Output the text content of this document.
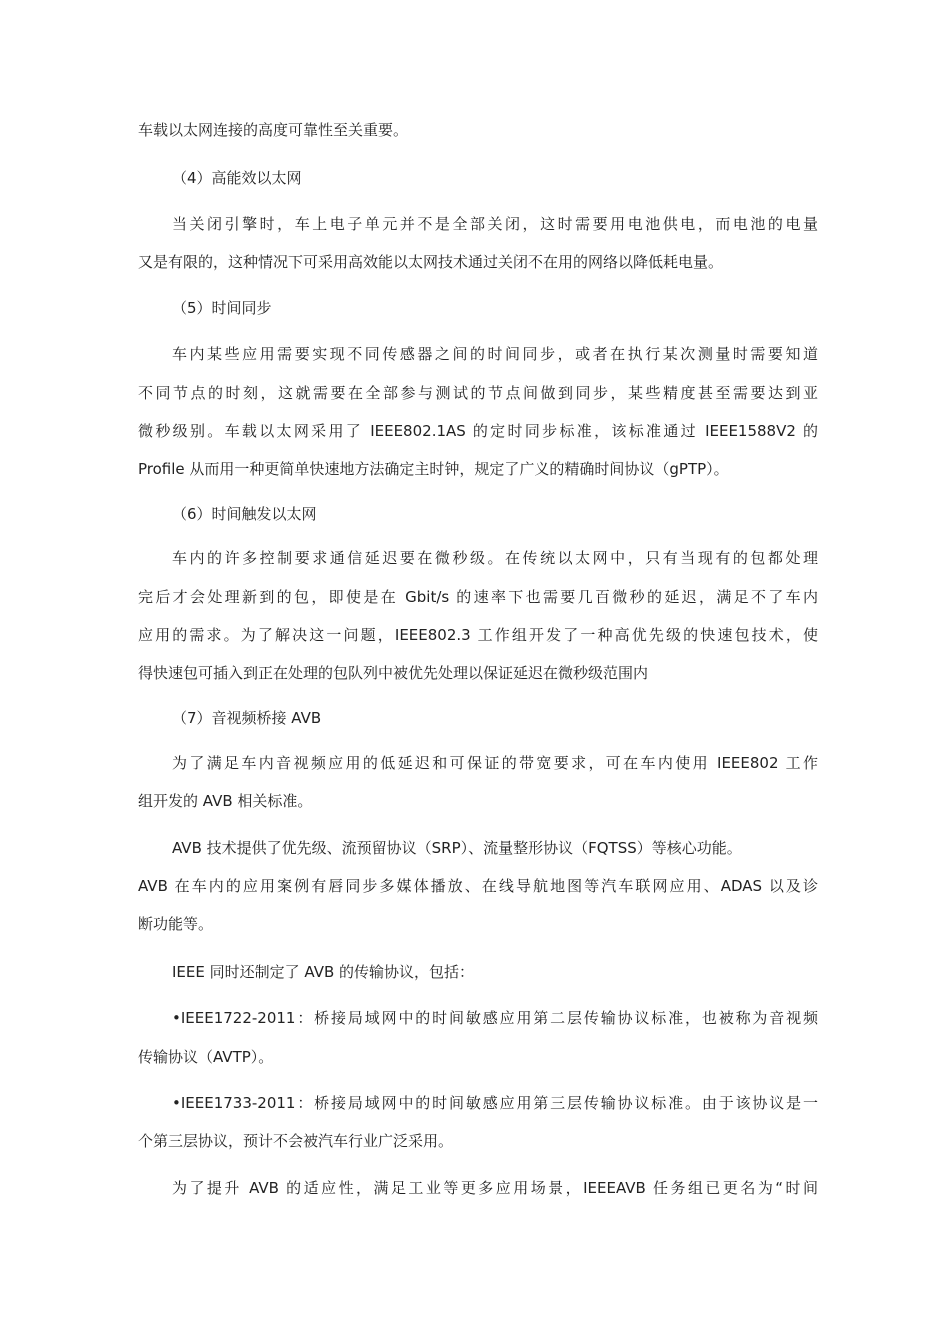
车载以太网连接的高度可靠性至关重要。
（4）高能效以太网
当关闭引擎时，车上电子单元并不是全部关闭，这时需要用电池供电，而电池的电量
又是有限的，这种情况下可采用高效能以太网技术通过关闭不在用的网络以降低耗电量。
（5）时间同步
车内某些应用需要实现不同传感器之间的时间同步，或者在执行某次测量时需要知道
不同节点的时刻，这就需要在全部参与测试的节点间做到同步，某些精度甚至需要达到亚
微秒级别。车载以太网采用了 IEEE802.1AS 的定时同步标准，该标准通过 IEEE1588V2 的
Profile 从而用一种更简单快速地方法确定主时钟，规定了广义的精确时间协议（gPTP）。
（6）时间触发以太网
车内的许多控制要求通信延迟要在微秒级。在传统以太网中，只有当现有的包都处理
完后才会处理新到的包，即使是在 Gbit/s 的速率下也需要几百微秒的延迟，满足不了车内
应用的需求。为了解决这一问题，IEEE802.3 工作组开发了一种高优先级的快速包技术，使
得快速包可插入到正在处理的包队列中被优先处理以保证延迟在微秒级范围内
（7）音视频桥接 AVB
为了满足车内音视频应用的低延迟和可保证的带宽要求，可在车内使用 IEEE802 工作
组开发的 AVB 相关标准。
AVB 技术提供了优先级、流预留协议（SRP）、流量整形协议（FQTSS）等核心功能。
AVB 在车内的应用案例有唇同步多媒体播放、在线导航地图等汽车联网应用、ADAS 以及诊
断功能等。
IEEE 同时还制定了 AVB 的传输协议，包括：
•IEEE1722-2011：桥接局域网中的时间敏感应用第二层传输协议标准，也被称为音视频
传输协议（AVTP）。
•IEEE1733-2011：桥接局域网中的时间敏感应用第三层传输协议标准。由于该协议是一
个第三层协议，预计不会被汽车行业广泛采用。
为了提升 AVB 的适应性，满足工业等更多应用场景，IEEEAVB 任务组已更名为“时间
